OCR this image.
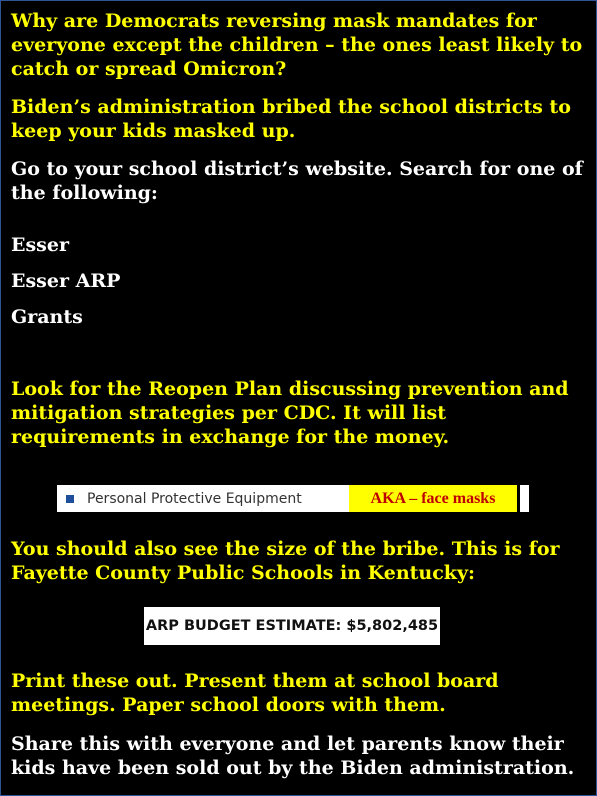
Why are Democrats reversing mask mandates for everyone except the children – the ones least likely to catch or spread Omicron?

Biden’s administration bribed the school districts to keep your kids masked up.

Go to your school district’s website. Search for one of the following:

Esser

Esser ARP

Grants

Look for the Reopen Plan discussing prevention and mitigation strategies per CDC. It will list requirements in exchange for the money.

Personal Protective Equipment	AKA – face masks

You should also see the size of the bribe. This is for Fayette County Public Schools in Kentucky:

ARP BUDGET ESTIMATE: $5,802,485

Print these out. Present them at school board meetings. Paper school doors with them.

Share this with everyone and let parents know their kids have been sold out by the Biden administration.
